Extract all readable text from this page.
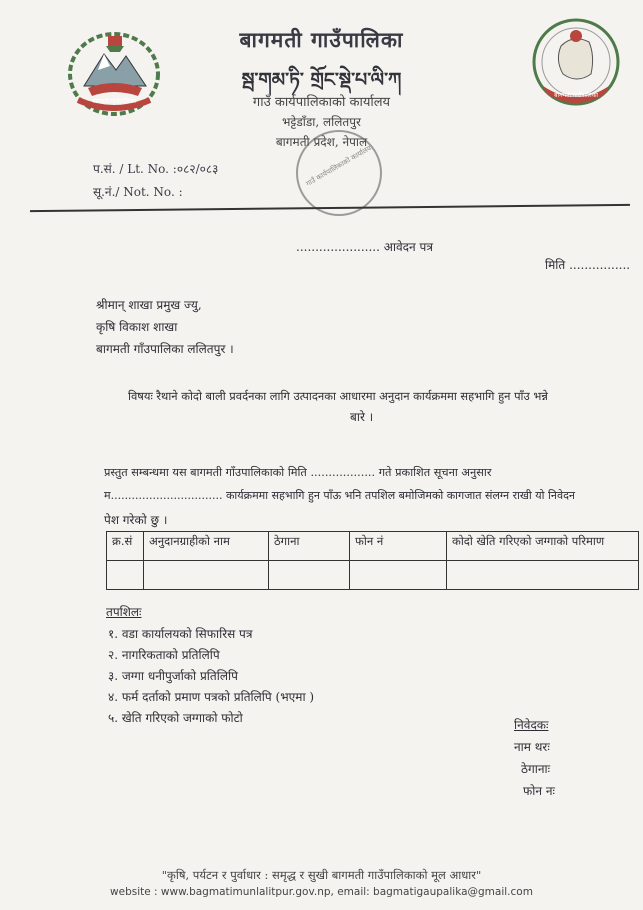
बागमती गाउँपालिका
बागमती गाउँपालिका
बागमती गाउँपालिका
སྦ་གམ་ཏི་ གྲོང་སྡེ་པ་ལི་ཀ
गाउँ कार्यपालिकाको कार्यालय
भट्टेडाँडा, ललितपुर
बागमती प्रदेश, नेपाल
प.सं. / Lt. No. :०८२/०८३
सू.नं./ Not. No. :
गाउँ कार्यपालिकाको कार्यालय
...................... आवेदन पत्र
मिति ................
श्रीमान् शाखा प्रमुख ज्यु,
कृषि विकाश शाखा
बागमती गाँउपालिका ललितपुर ।
विषयः रैथाने कोदो बाली प्रवर्दनका लागि उत्पादनका आधारमा अनुदान कार्यक्रममा सहभागि हुन पाँउ भन्ने
बारे ।
प्रस्तुत सम्बन्धमा यस बागमती गाँउपालिकाको मिति .................. गते प्रकाशित सूचना अनुसार
म................................ कार्यक्रममा सहभागि हुन पाँऊ भनि तपशिल बमोजिमको कागजात संलग्न राखी यो निवेदन
पेश गरेको छु ।
क्र.सं	अनुदानग्राहीको नाम	ठेगाना	फोन नं	कोदो खेति गरिएको जग्गाको परिमाण

तपशिलः
१. वडा कार्यालयको सिफारिस पत्र
२. नागरिकताको प्रतिलिपि
३. जग्गा धनीपुर्जाको प्रतिलिपि
४. फर्म दर्ताको प्रमाण पत्रको प्रतिलिपि (भएमा )
५. खेति गरिएको जग्गाको फोटो	निवेदकः
नाम थरः
ठेगानाः
फोन नः
"कृषि, पर्यटन र पुर्वाधार : समृद्ध र सुखी बागमती गाउँपालिकाको मूल आधार"
website : www.bagmatimunlalitpur.gov.np, email: bagmatigaupalika@gmail.com
